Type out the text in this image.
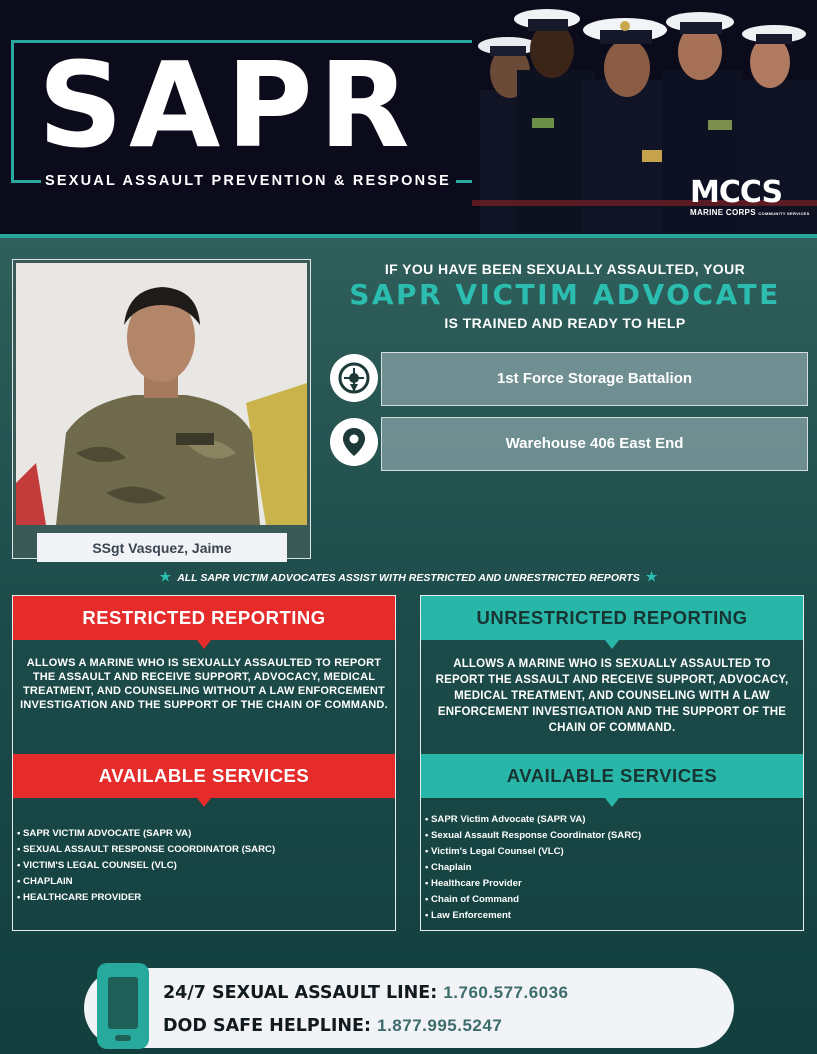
SAPR
SEXUAL ASSAULT PREVENTION & RESPONSE	MCCS
MARINE CORPS COMMUNITY SERVICES
SSgt Vasquez, Jaime
IF YOU HAVE BEEN SEXUALLY ASSAULTED, YOUR
SAPR VICTIM ADVOCATE
IS TRAINED AND READY TO HELP
1st Force Storage Battalion
Warehouse 406 East End
★ ALL SAPR VICTIM ADVOCATES ASSIST WITH RESTRICTED AND UNRESTRICTED REPORTS ★
RESTRICTED REPORTING
ALLOWS A MARINE WHO IS SEXUALLY ASSAULTED TO REPORT THE ASSAULT AND RECEIVE SUPPORT, ADVOCACY, MEDICAL TREATMENT, AND COUNSELING WITHOUT A LAW ENFORCEMENT INVESTIGATION AND THE SUPPORT OF THE CHAIN OF COMMAND.
AVAILABLE SERVICES
• SAPR VICTIM ADVOCATE (SAPR VA)
• SEXUAL ASSAULT RESPONSE COORDINATOR (SARC)
• VICTIM'S LEGAL COUNSEL (VLC)
• CHAPLAIN
• HEALTHCARE PROVIDER
UNRESTRICTED REPORTING
ALLOWS A MARINE WHO IS SEXUALLY ASSAULTED TO REPORT THE ASSAULT AND RECEIVE SUPPORT, ADVOCACY, MEDICAL TREATMENT, AND COUNSELING WITH A LAW ENFORCEMENT INVESTIGATION AND THE SUPPORT OF THE CHAIN OF COMMAND.
AVAILABLE SERVICES
• SAPR Victim Advocate (SAPR VA)
• Sexual Assault Response Coordinator (SARC)
• Victim's Legal Counsel (VLC)
• Chaplain
• Healthcare Provider
• Chain of Command
• Law Enforcement
24/7 SEXUAL ASSAULT LINE: 1.760.577.6036
DOD SAFE HELPLINE: 1.877.995.5247
